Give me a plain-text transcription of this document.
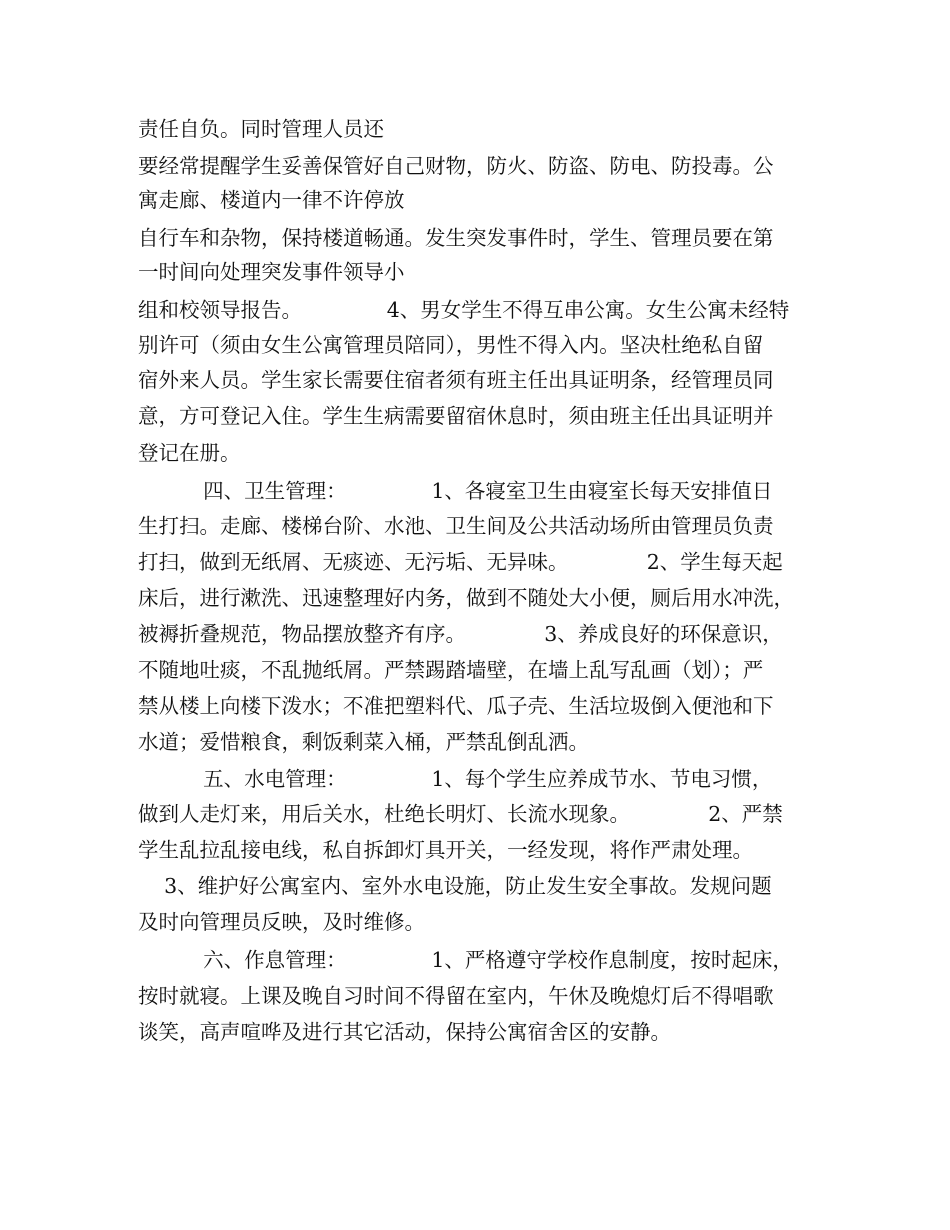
责任自负。同时管理人员还

要经常提醒学生妥善保管好自己财物，防火、防盗、防电、防投毒。公

寓走廊、楼道内一律不许停放

自行车和杂物，保持楼道畅通。发生突发事件时，学生、管理员要在第

一时间向处理突发事件领导小

组和校领导报告。             4、男女学生不得互串公寓。女生公寓未经特

别许可（须由女生公寓管理员陪同），男性不得入内。坚决杜绝私自留

宿外来人员。学生家长需要住宿者须有班主任出具证明条，经管理员同

意，方可登记入住。学生生病需要留宿休息时，须由班主任出具证明并

登记在册。

四、卫生管理：             1、各寝室卫生由寝室长每天安排值日

生打扫。走廊、楼梯台阶、水池、卫生间及公共活动场所由管理员负责

打扫，做到无纸屑、无痰迹、无污垢、无异味。            2、学生每天起

床后，进行漱洗、迅速整理好内务，做到不随处大小便，厕后用水冲洗，

被褥折叠规范，物品摆放整齐有序。            3、养成良好的环保意识，

不随地吐痰，不乱抛纸屑。严禁踢踏墙壁，在墙上乱写乱画（划）；严

禁从楼上向楼下泼水；不准把塑料代、瓜子壳、生活垃圾倒入便池和下

水道；爱惜粮食，剩饭剩菜入桶，严禁乱倒乱洒。

五、水电管理：             1、每个学生应养成节水、节电习惯，

做到人走灯来，用后关水，杜绝长明灯、长流水现象。            2、严禁

学生乱拉乱接电线，私自拆卸灯具开关，一经发现，将作严肃处理。

3、维护好公寓室内、室外水电设施，防止发生安全事故。发规问题

及时向管理员反映，及时维修。

六、作息管理：             1、严格遵守学校作息制度，按时起床，

按时就寝。上课及晚自习时间不得留在室内，午休及晚熄灯后不得唱歌

谈笑，高声喧哗及进行其它活动，保持公寓宿舍区的安静。
